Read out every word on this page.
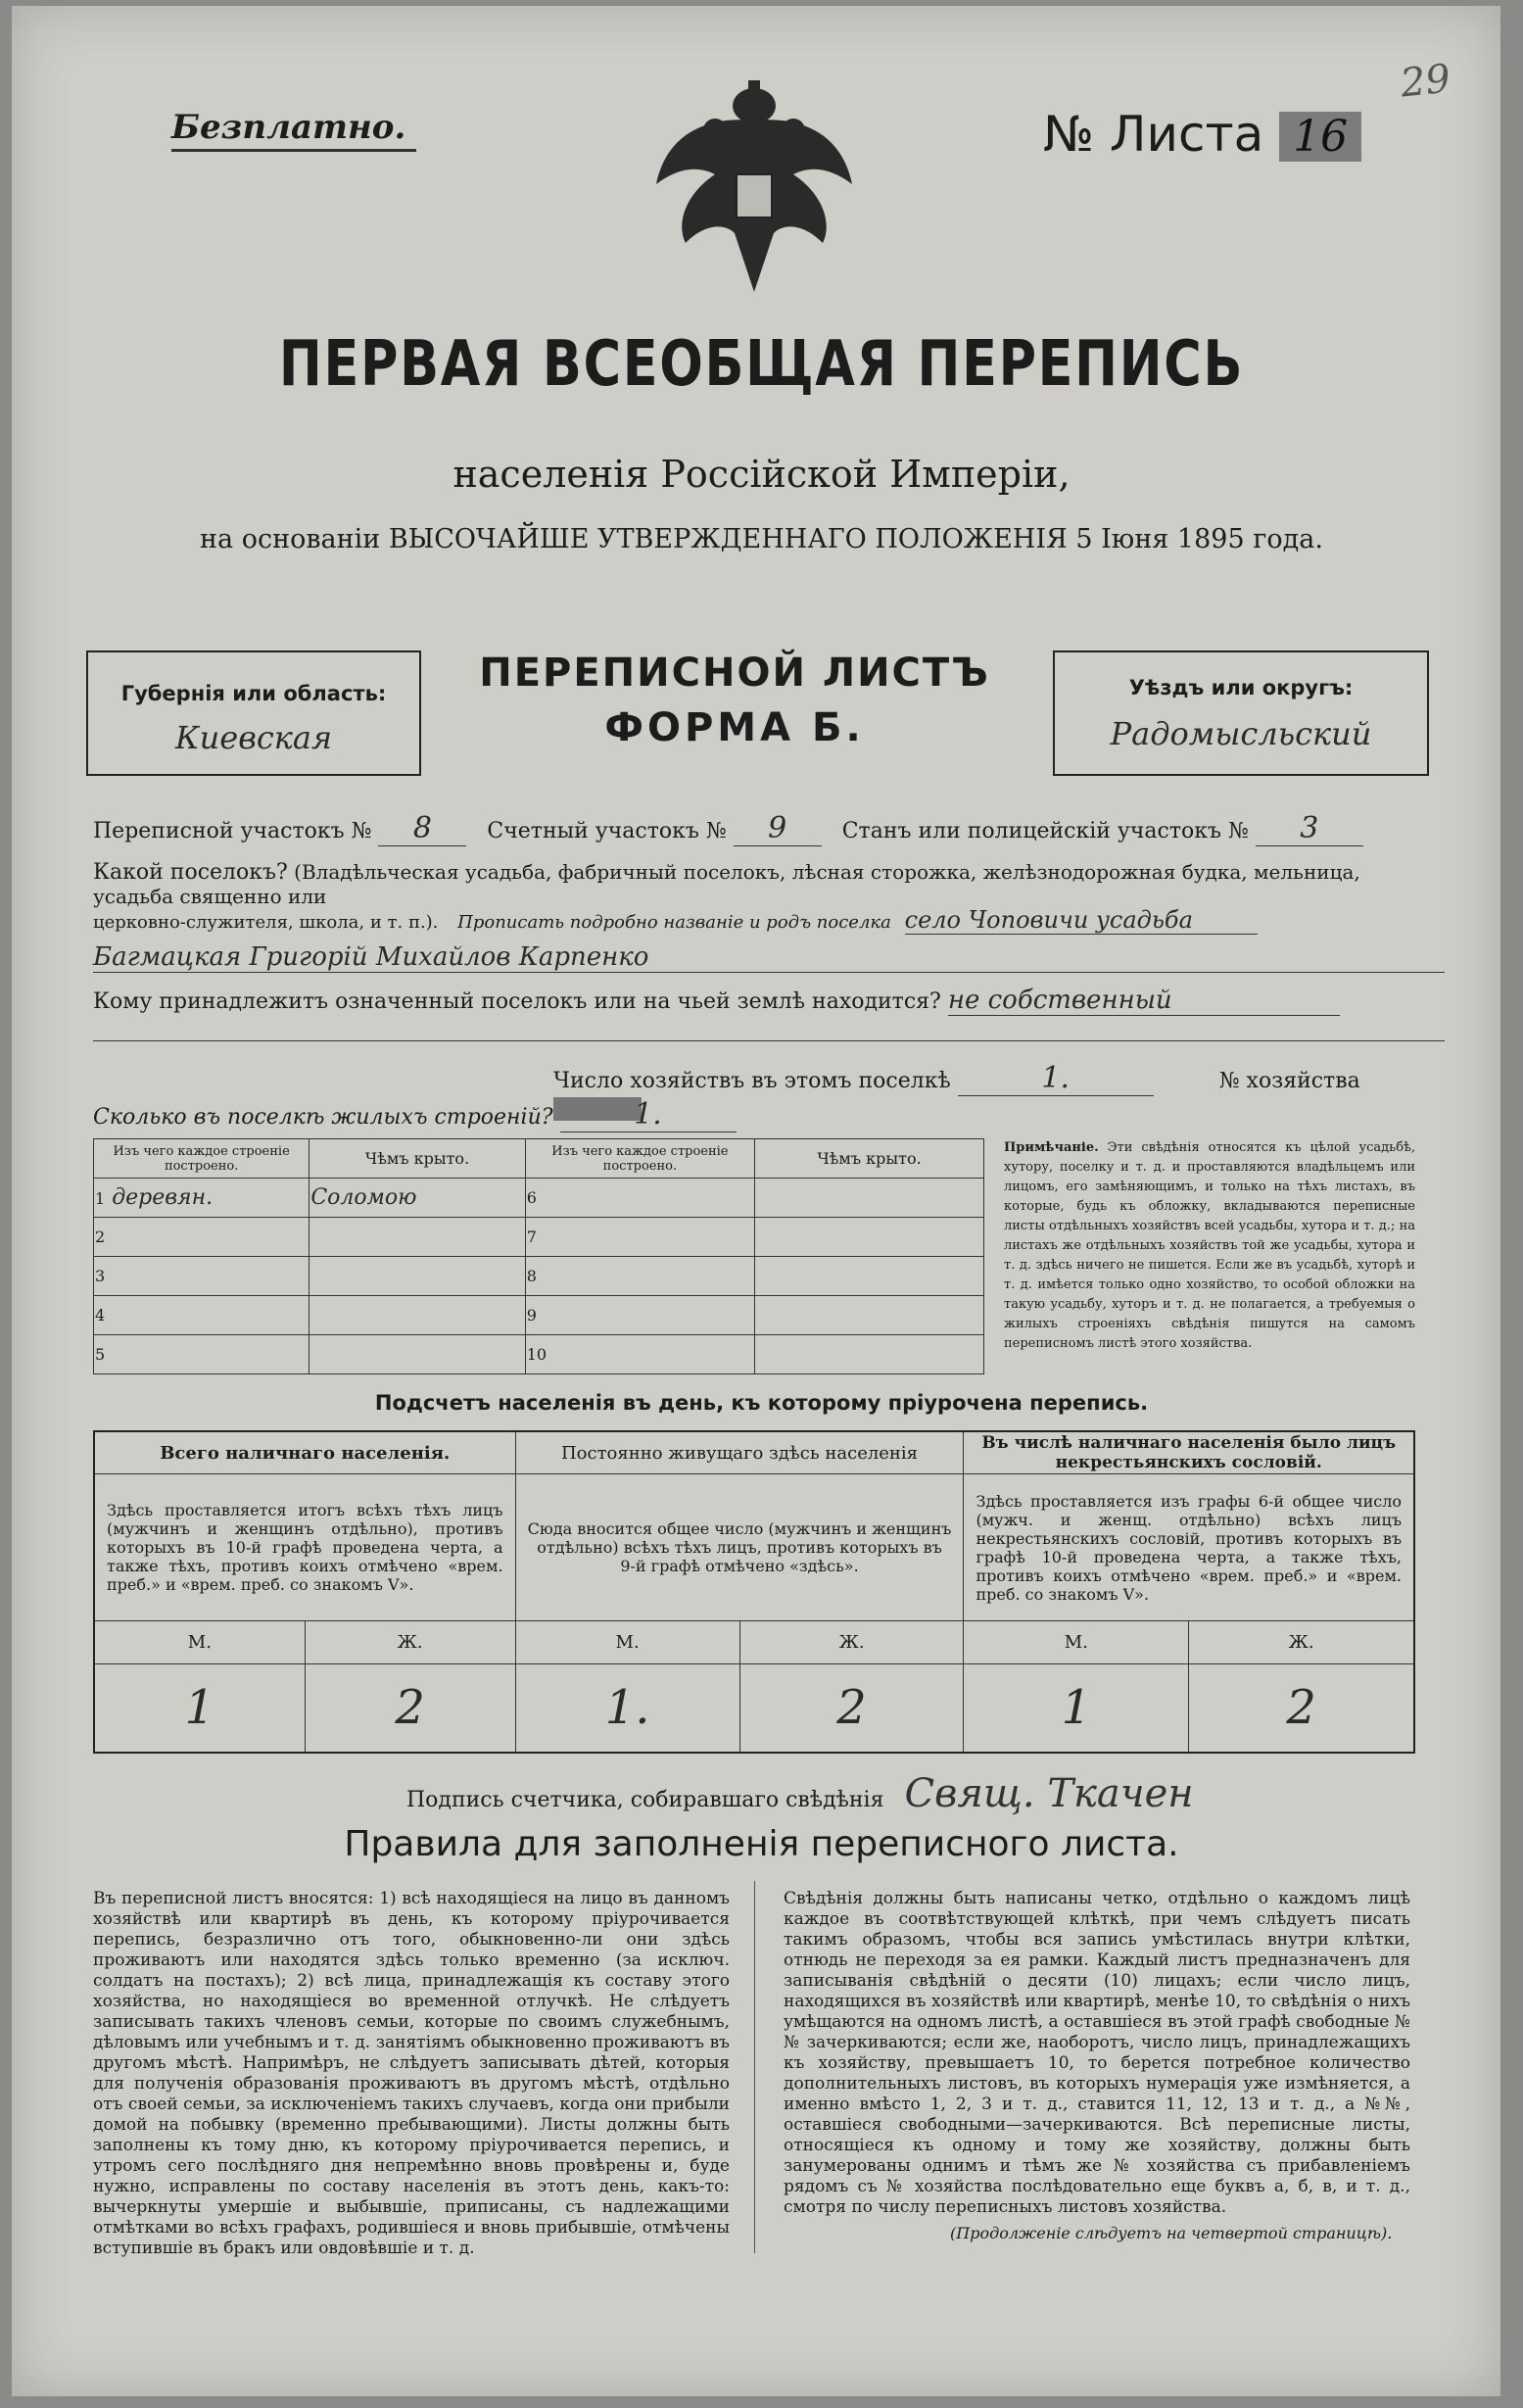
Безплатно.	№ Листа 16
29
ПЕРВАЯ ВСЕОБЩАЯ ПЕРЕПИСЬ
населенія Россійской Имперіи,
на основаніи ВЫСОЧАЙШЕ УТВЕРЖДЕННАГО ПОЛОЖЕНІЯ 5 Іюня 1895 года.
Губернія или область:
Киевская
ПЕРЕПИСНОЙ ЛИСТЪ
ФОРМА Б.
Уѣздъ или округъ:
Радомысльский
Переписной участокъ № 8	Счетный участокъ № 9	Станъ или полицейскій участокъ № 3
Какой поселокъ? (Владѣльческая усадьба, фабричный поселокъ, лѣсная сторожка, желѣзнодорожная будка, мельница, усадьба священно или
церковно-служителя, школа, и т. п.). Прописать подробно названіе и родъ поселка село Чоповичи усадьба
Багмацкая Григорій Михайлов Карпенко
Кому принадлежитъ означенный поселокъ или на чьей землѣ находится? не собственный
Число хозяйствъ въ этомъ поселкѣ	1.	№ хозяйства
Сколько въ поселкѣ жилыхъ строеній?	1.
Изъ чего каждое строеніе построено.	Чѣмъ крыто.	Изъ чего каждое строеніе построено.	Чѣмъ крыто.
1 деревян.	Соломою	6	
2		7	
3		8	
4		9	
5		10	
Примѣчаніе. Эти свѣдѣнія относятся къ цѣлой усадьбѣ, хутору, поселку и т. д. и проставляются владѣльцемъ или лицомъ, его замѣняющимъ, и только на тѣхъ листахъ, въ которые, будь къ обложку, вкладываются переписные листы отдѣльныхъ хозяйствъ всей усадьбы, хутора и т. д.; на листахъ же отдѣльныхъ хозяйствъ той же усадьбы, хутора и т. д. здѣсь ничего не пишется. Если же въ усадьбѣ, хуторѣ и т. д. имѣется только одно хозяйство, то особой обложки на такую усадьбу, хуторъ и т. д. не полагается, а требуемыя о жилыхъ строеніяхъ свѣдѣнія пишутся на самомъ переписномъ листѣ этого хозяйства.
Подсчетъ населенія въ день, къ которому пріурочена перепись.
Всего наличнаго населенія.		Постоянно живущаго здѣсь населенія		Въ числѣ наличнаго населенія было лицъ некрестьянскихъ сословій.	
Здѣсь проставляется итогъ всѣхъ тѣхъ лицъ (мужчинъ и женщинъ отдѣльно), противъ которыхъ въ 10-й графѣ проведена черта, а также тѣхъ, противъ коихъ отмѣчено «врем. преб.» и «врем. преб. со знакомъ V».		Сюда вносится общее число (мужчинъ и женщинъ отдѣльно) всѣхъ тѣхъ лицъ, противъ которыхъ въ 9-й графѣ отмѣчено «здѣсь».		Здѣсь проставляется изъ графы 6-й общее число (мужч. и женщ. отдѣльно) всѣхъ лицъ некрестьянскихъ сословій, противъ которыхъ въ графѣ 10-й проведена черта, а также тѣхъ, противъ коихъ отмѣчено «врем. преб.» и «врем. преб. со знакомъ V».	
М.	Ж.	М.	Ж.	М.	Ж.
1	2	1.	2	1	2
Подпись счетчика, собиравшаго свѣдѣнія Свящ. Ткачен
Правила для заполненія переписного листа.
Въ переписной листъ вносятся: 1) всѣ находящіеся на лицо въ данномъ хозяйствѣ или квартирѣ въ день, къ которому пріурочивается перепись, безразлично отъ того, обыкновенно-ли они здѣсь проживаютъ или находятся здѣсь только временно (за исключ. солдатъ на постахъ); 2) всѣ лица, принадлежащія къ составу этого хозяйства, но находящіеся во временной отлучкѣ. Не слѣдуетъ записывать такихъ членовъ семьи, которые по своимъ служебнымъ, дѣловымъ или учебнымъ и т. д. занятіямъ обыкновенно проживаютъ въ другомъ мѣстѣ. Напримѣръ, не слѣдуетъ записывать дѣтей, которыя для полученія образованія проживаютъ въ другомъ мѣстѣ, отдѣльно отъ своей семьи, за исключеніемъ такихъ случаевъ, когда они прибыли домой на побывку (временно пребывающими). Листы должны быть заполнены къ тому дню, къ которому пріурочивается перепись, и утромъ сего послѣдняго дня непремѣнно вновь провѣрены и, буде нужно, исправлены по составу населенія въ этотъ день, какъ-то: вычеркнуты умершіе и выбывшіе, приписаны, съ надлежащими отмѣтками во всѣхъ графахъ, родившіеся и вновь прибывшіе, отмѣчены вступившіе въ бракъ или овдовѣвшіе и т. д.
Свѣдѣнія должны быть написаны четко, отдѣльно о каждомъ лицѣ каждое въ соотвѣтствующей клѣткѣ, при чемъ слѣдуетъ писать такимъ образомъ, чтобы вся запись умѣстилась внутри клѣтки, отнюдь не переходя за ея рамки. Каждый листъ предназначенъ для записыванія свѣдѣній о десяти (10) лицахъ; если число лицъ, находящихся въ хозяйствѣ или квартирѣ, менѣе 10, то свѣдѣнія о нихъ умѣщаются на одномъ листѣ, а оставшіеся въ этой графѣ свободные №№ зачеркиваются; если же, наоборотъ, число лицъ, принадлежащихъ къ хозяйству, превышаетъ 10, то берется потребное количество дополнительныхъ листовъ, въ которыхъ нумерація уже измѣняется, а именно вмѣсто 1, 2, 3 и т. д., ставится 11, 12, 13 и т. д., а №№, оставшіеся свободными—зачеркиваются. Всѣ переписные листы, относящіеся къ одному и тому же хозяйству, должны быть занумерованы однимъ и тѣмъ же № хозяйства съ прибавленіемъ рядомъ съ № хозяйства послѣдовательно еще буквъ а, б, в, и т. д., смотря по числу переписныхъ листовъ хозяйства.
(Продолженіе слѣдуетъ на четвертой страницѣ).
